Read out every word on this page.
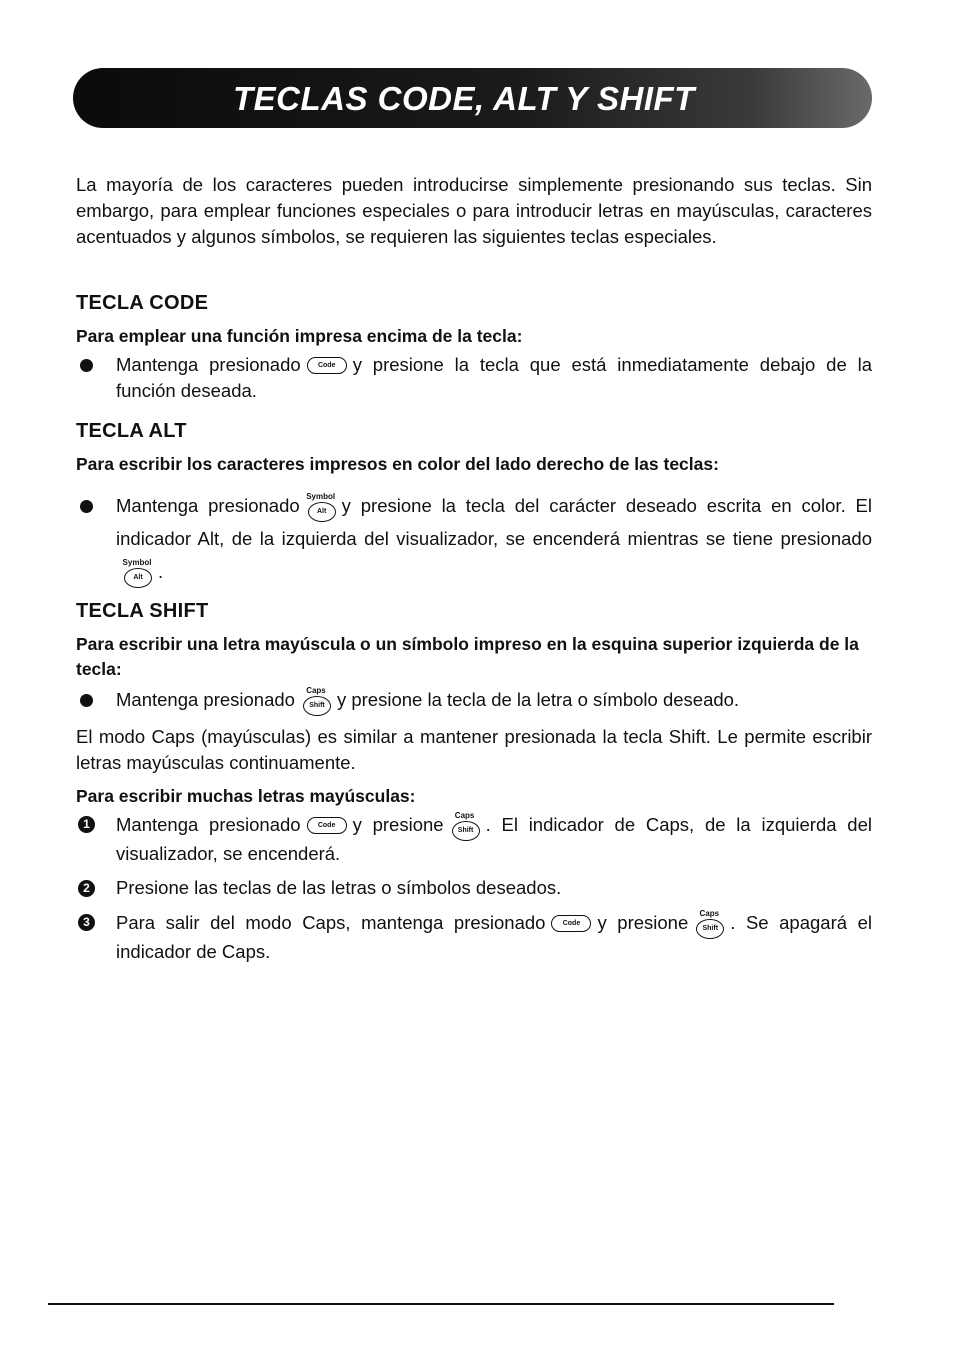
TECLAS CODE, ALT Y SHIFT

La mayoría de los caracteres pueden introducirse simplemente presionando sus teclas. Sin embargo, para emplear funciones especiales o para introducir letras en mayúsculas, caracteres acentuados y algunos símbolos, se requieren las siguientes teclas especiales.

TECLA CODE

Para emplear una función impresa encima de la tecla:

Mantenga presionado Code y presione la tecla que está inmediatamente debajo de la función deseada.
TECLA ALT

Para escribir los caracteres impresos en color del lado derecho de las teclas:

Mantenga presionado Symbol
Alt y presione la tecla del carácter deseado escrita en color. El indicador Alt, de la izquierda del visualizador, se encenderá mientras se tiene presionado
Symbol
Alt .
TECLA SHIFT

Para escribir una letra mayúscula o un símbolo impreso en la esquina superior izquierda de la tecla:

Mantenga presionado	Caps
Shift y presione la tecla de la letra o símbolo deseado.

El modo Caps (mayúsculas) es similar a mantener presionada la tecla Shift. Le permite escribir letras mayúsculas continuamente.

Para escribir muchas letras mayúsculas:

1 Mantenga presionado Code y presione	Caps
Shift . El indicador de Caps, de la izquierda del visualizador, se encenderá.
2 Presione las teclas de las letras o símbolos deseados.
3 Para salir del modo Caps, mantenga presionado Code y presione	Caps
Shift . Se apagará el indicador de Caps.
